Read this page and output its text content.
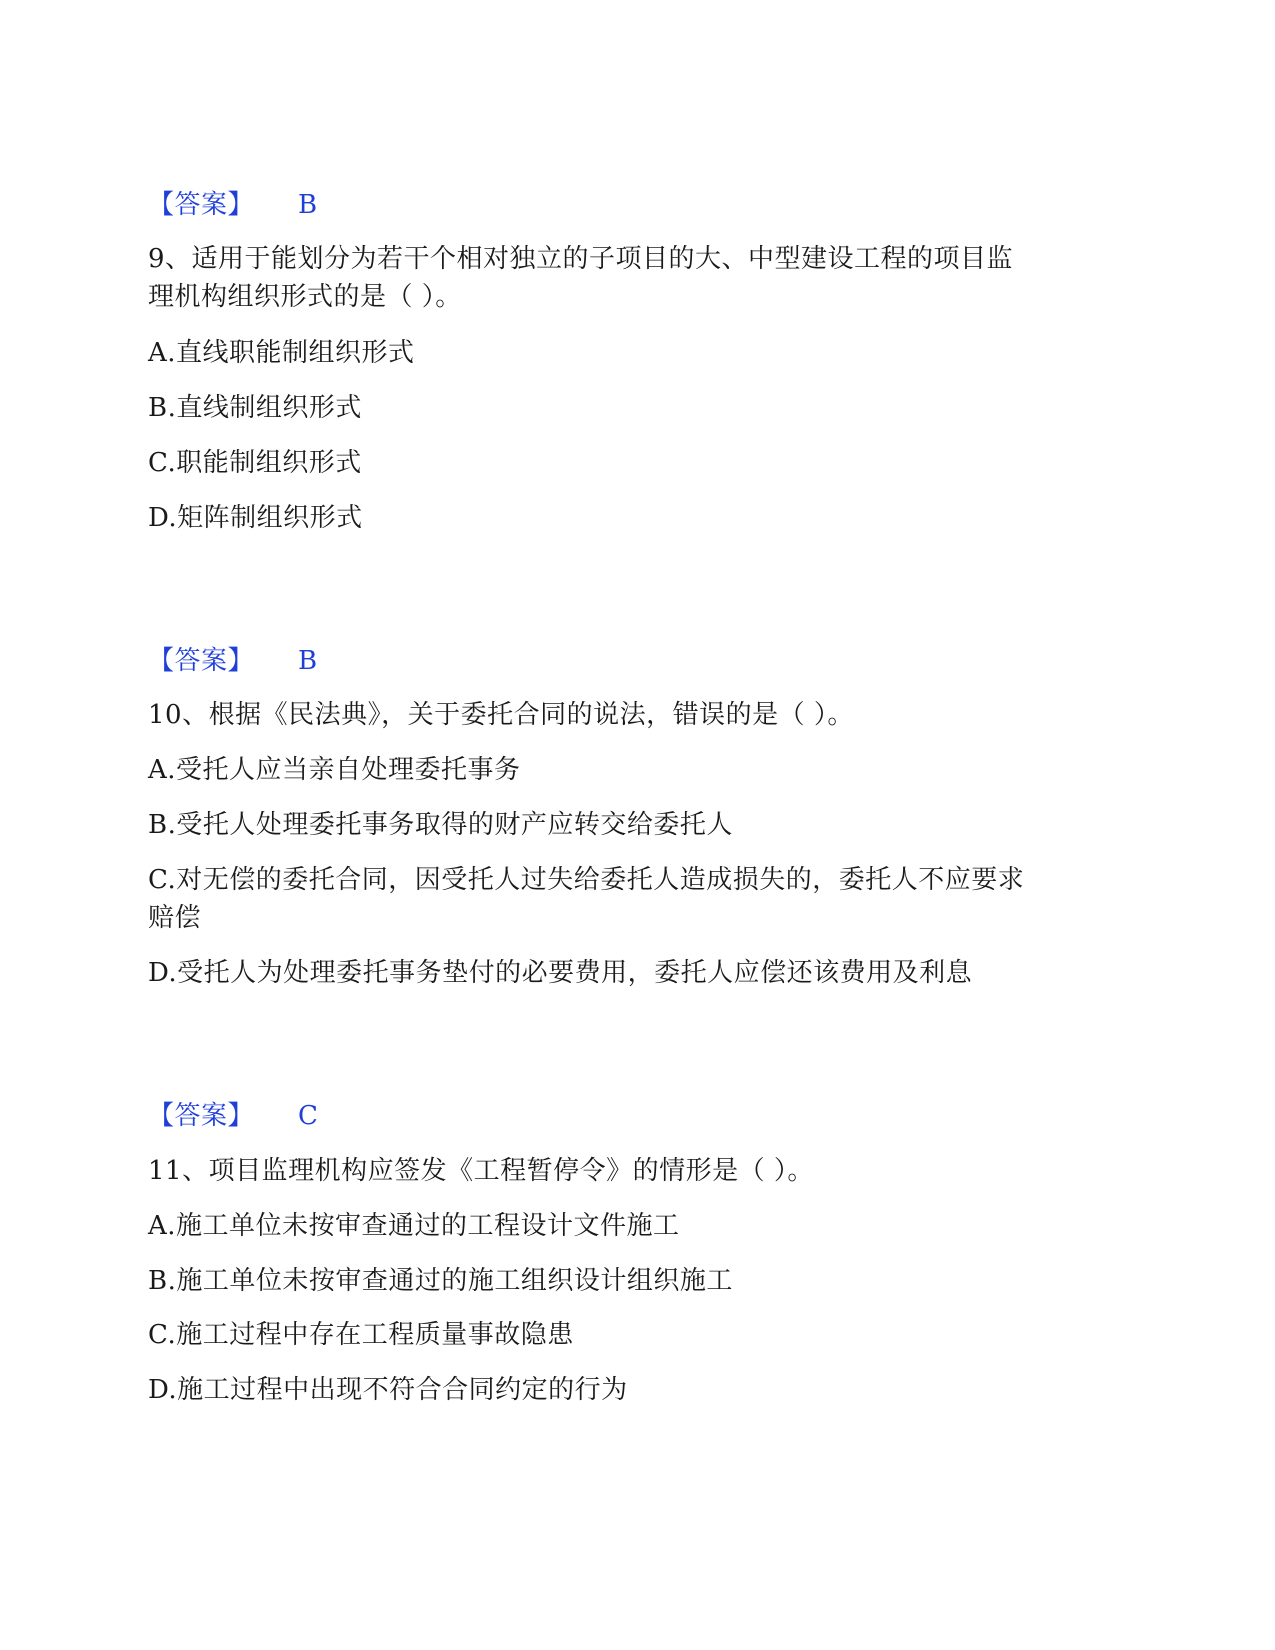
【答案】 B
9、适用于能划分为若干个相对独立的子项目的大、中型建设工程的项目监
理机构组织形式的是（ ）。
A.直线职能制组织形式
B.直线制组织形式
C.职能制组织形式
D.矩阵制组织形式
【答案】 B
10、根据《民法典》，关于委托合同的说法，错误的是（ ）。
A.受托人应当亲自处理委托事务
B.受托人处理委托事务取得的财产应转交给委托人
C.对无偿的委托合同，因受托人过失给委托人造成损失的，委托人不应要求
赔偿
D.受托人为处理委托事务垫付的必要费用，委托人应偿还该费用及利息
【答案】 C
11、项目监理机构应签发《工程暂停令》的情形是（ ）。
A.施工单位未按审查通过的工程设计文件施工
B.施工单位未按审查通过的施工组织设计组织施工
C.施工过程中存在工程质量事故隐患
D.施工过程中出现不符合合同约定的行为
